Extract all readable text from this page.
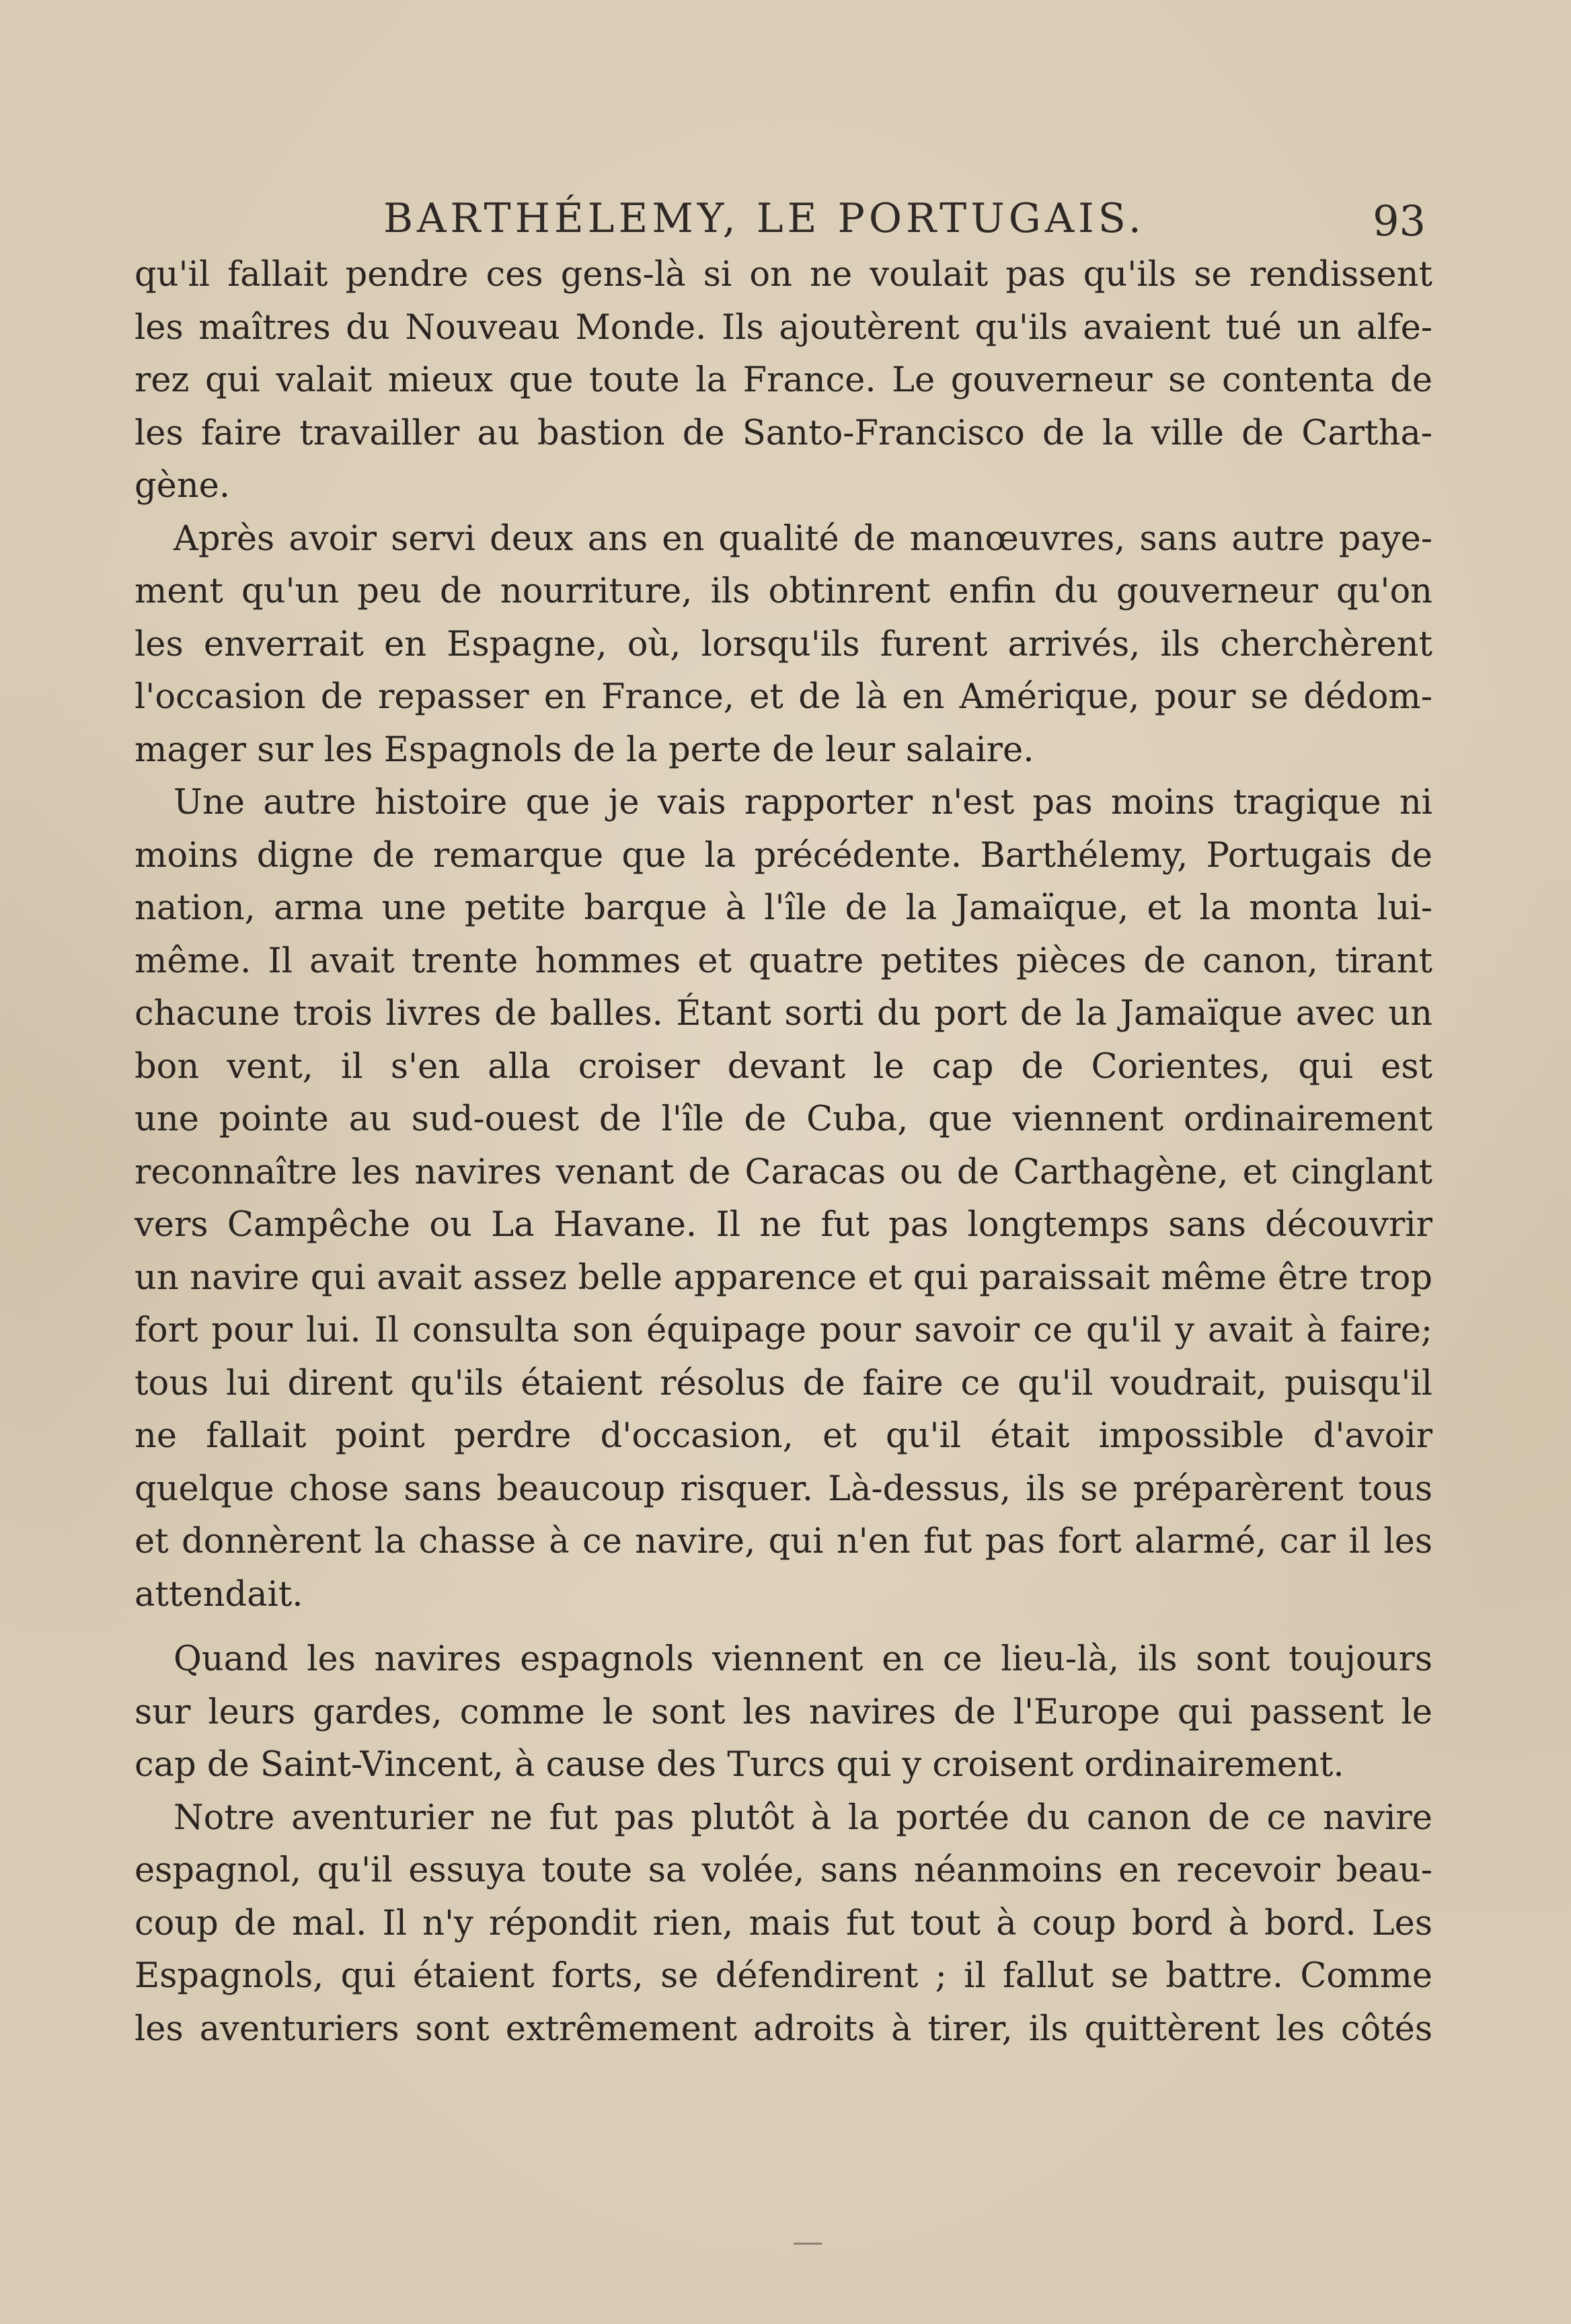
BARTHÉLEMY, LE PORTUGAIS.	93
qu'il fallait pendre ces gens-là si on ne voulait pas qu'ils se rendissent
les maîtres du Nouveau Monde. Ils ajoutèrent qu'ils avaient tué un alfe-
rez qui valait mieux que toute la France. Le gouverneur se contenta de
les faire travailler au bastion de Santo-Francisco de la ville de Cartha-
gène.
Après avoir servi deux ans en qualité de manœuvres, sans autre paye-
ment qu'un peu de nourriture, ils obtinrent enfin du gouverneur qu'on
les enverrait en Espagne, où, lorsqu'ils furent arrivés, ils cherchèrent
l'occasion de repasser en France, et de là en Amérique, pour se dédom-
mager sur les Espagnols de la perte de leur salaire.
Une autre histoire que je vais rapporter n'est pas moins tragique ni
moins digne de remarque que la précédente. Barthélemy, Portugais de
nation, arma une petite barque à l'île de la Jamaïque, et la monta lui-
même. Il avait trente hommes et quatre petites pièces de canon, tirant
chacune trois livres de balles. Étant sorti du port de la Jamaïque avec un
bon vent, il s'en alla croiser devant le cap de Corientes, qui est
une pointe au sud-ouest de l'île de Cuba, que viennent ordinairement
reconnaître les navires venant de Caracas ou de Carthagène, et cinglant
vers Campêche ou La Havane. Il ne fut pas longtemps sans découvrir
un navire qui avait assez belle apparence et qui paraissait même être trop
fort pour lui. Il consulta son équipage pour savoir ce qu'il y avait à faire;
tous lui dirent qu'ils étaient résolus de faire ce qu'il voudrait, puisqu'il
ne fallait point perdre d'occasion, et qu'il était impossible d'avoir
quelque chose sans beaucoup risquer. Là-dessus, ils se préparèrent tous
et donnèrent la chasse à ce navire, qui n'en fut pas fort alarmé, car il les
attendait.
Quand les navires espagnols viennent en ce lieu-là, ils sont toujours
sur leurs gardes, comme le sont les navires de l'Europe qui passent le
cap de Saint-Vincent, à cause des Turcs qui y croisent ordinairement.
Notre aventurier ne fut pas plutôt à la portée du canon de ce navire
espagnol, qu'il essuya toute sa volée, sans néanmoins en recevoir beau-
coup de mal. Il n'y répondit rien, mais fut tout à coup bord à bord. Les
Espagnols, qui étaient forts, se défendirent ; il fallut se battre. Comme
les aventuriers sont extrêmement adroits à tirer, ils quittèrent les côtés
